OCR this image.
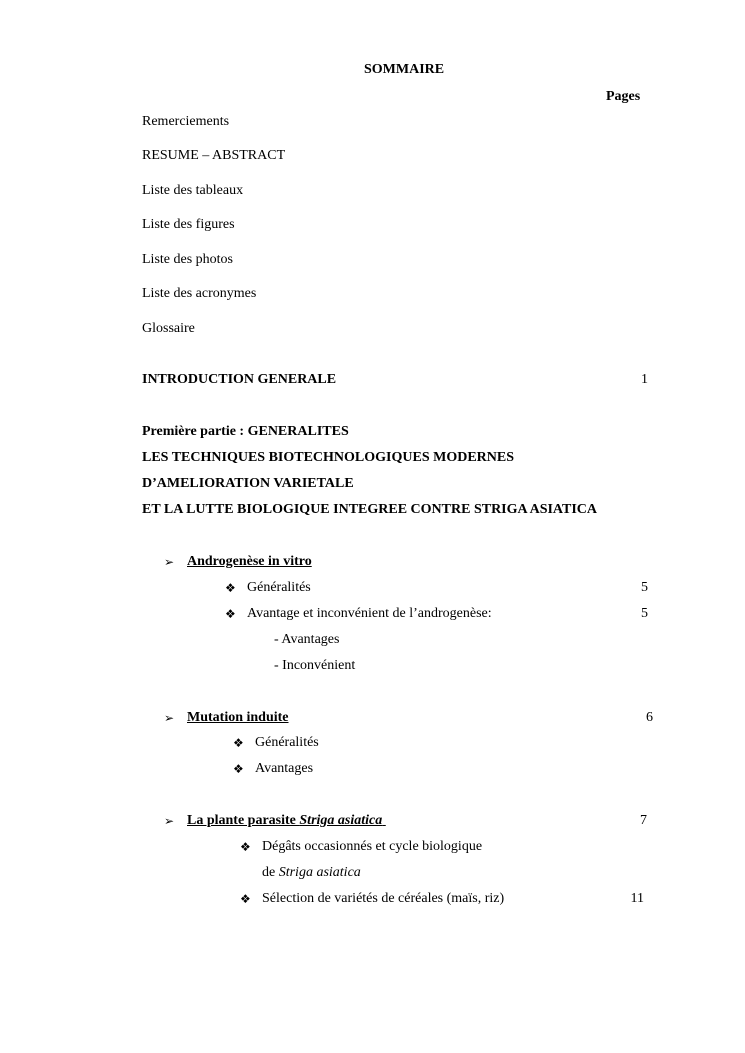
SOMMAIRE
Pages
Remerciements
RESUME – ABSTRACT
Liste des tableaux
Liste des figures
Liste des photos
Liste des acronymes
Glossaire
INTRODUCTION GENERALE	1
Première partie : GENERALITES
LES TECHNIQUES BIOTECHNOLOGIQUES MODERNES
D’AMELIORATION VARIETALE
ET LA LUTTE BIOLOGIQUE INTEGREE CONTRE STRIGA ASIATICA
➢ Androgenèse in vitro
❖ Généralités	5
❖ Avantage et inconvénient de l’androgenèse:	5
- Avantages
- Inconvénient
➢ Mutation induite	6
❖ Généralités
❖ Avantages
➢ La plante parasite Striga asiatica	7
❖ Dégâts occasionnés et cycle biologique
de Striga asiatica
❖ Sélection de variétés de céréales (maïs, riz)	11
